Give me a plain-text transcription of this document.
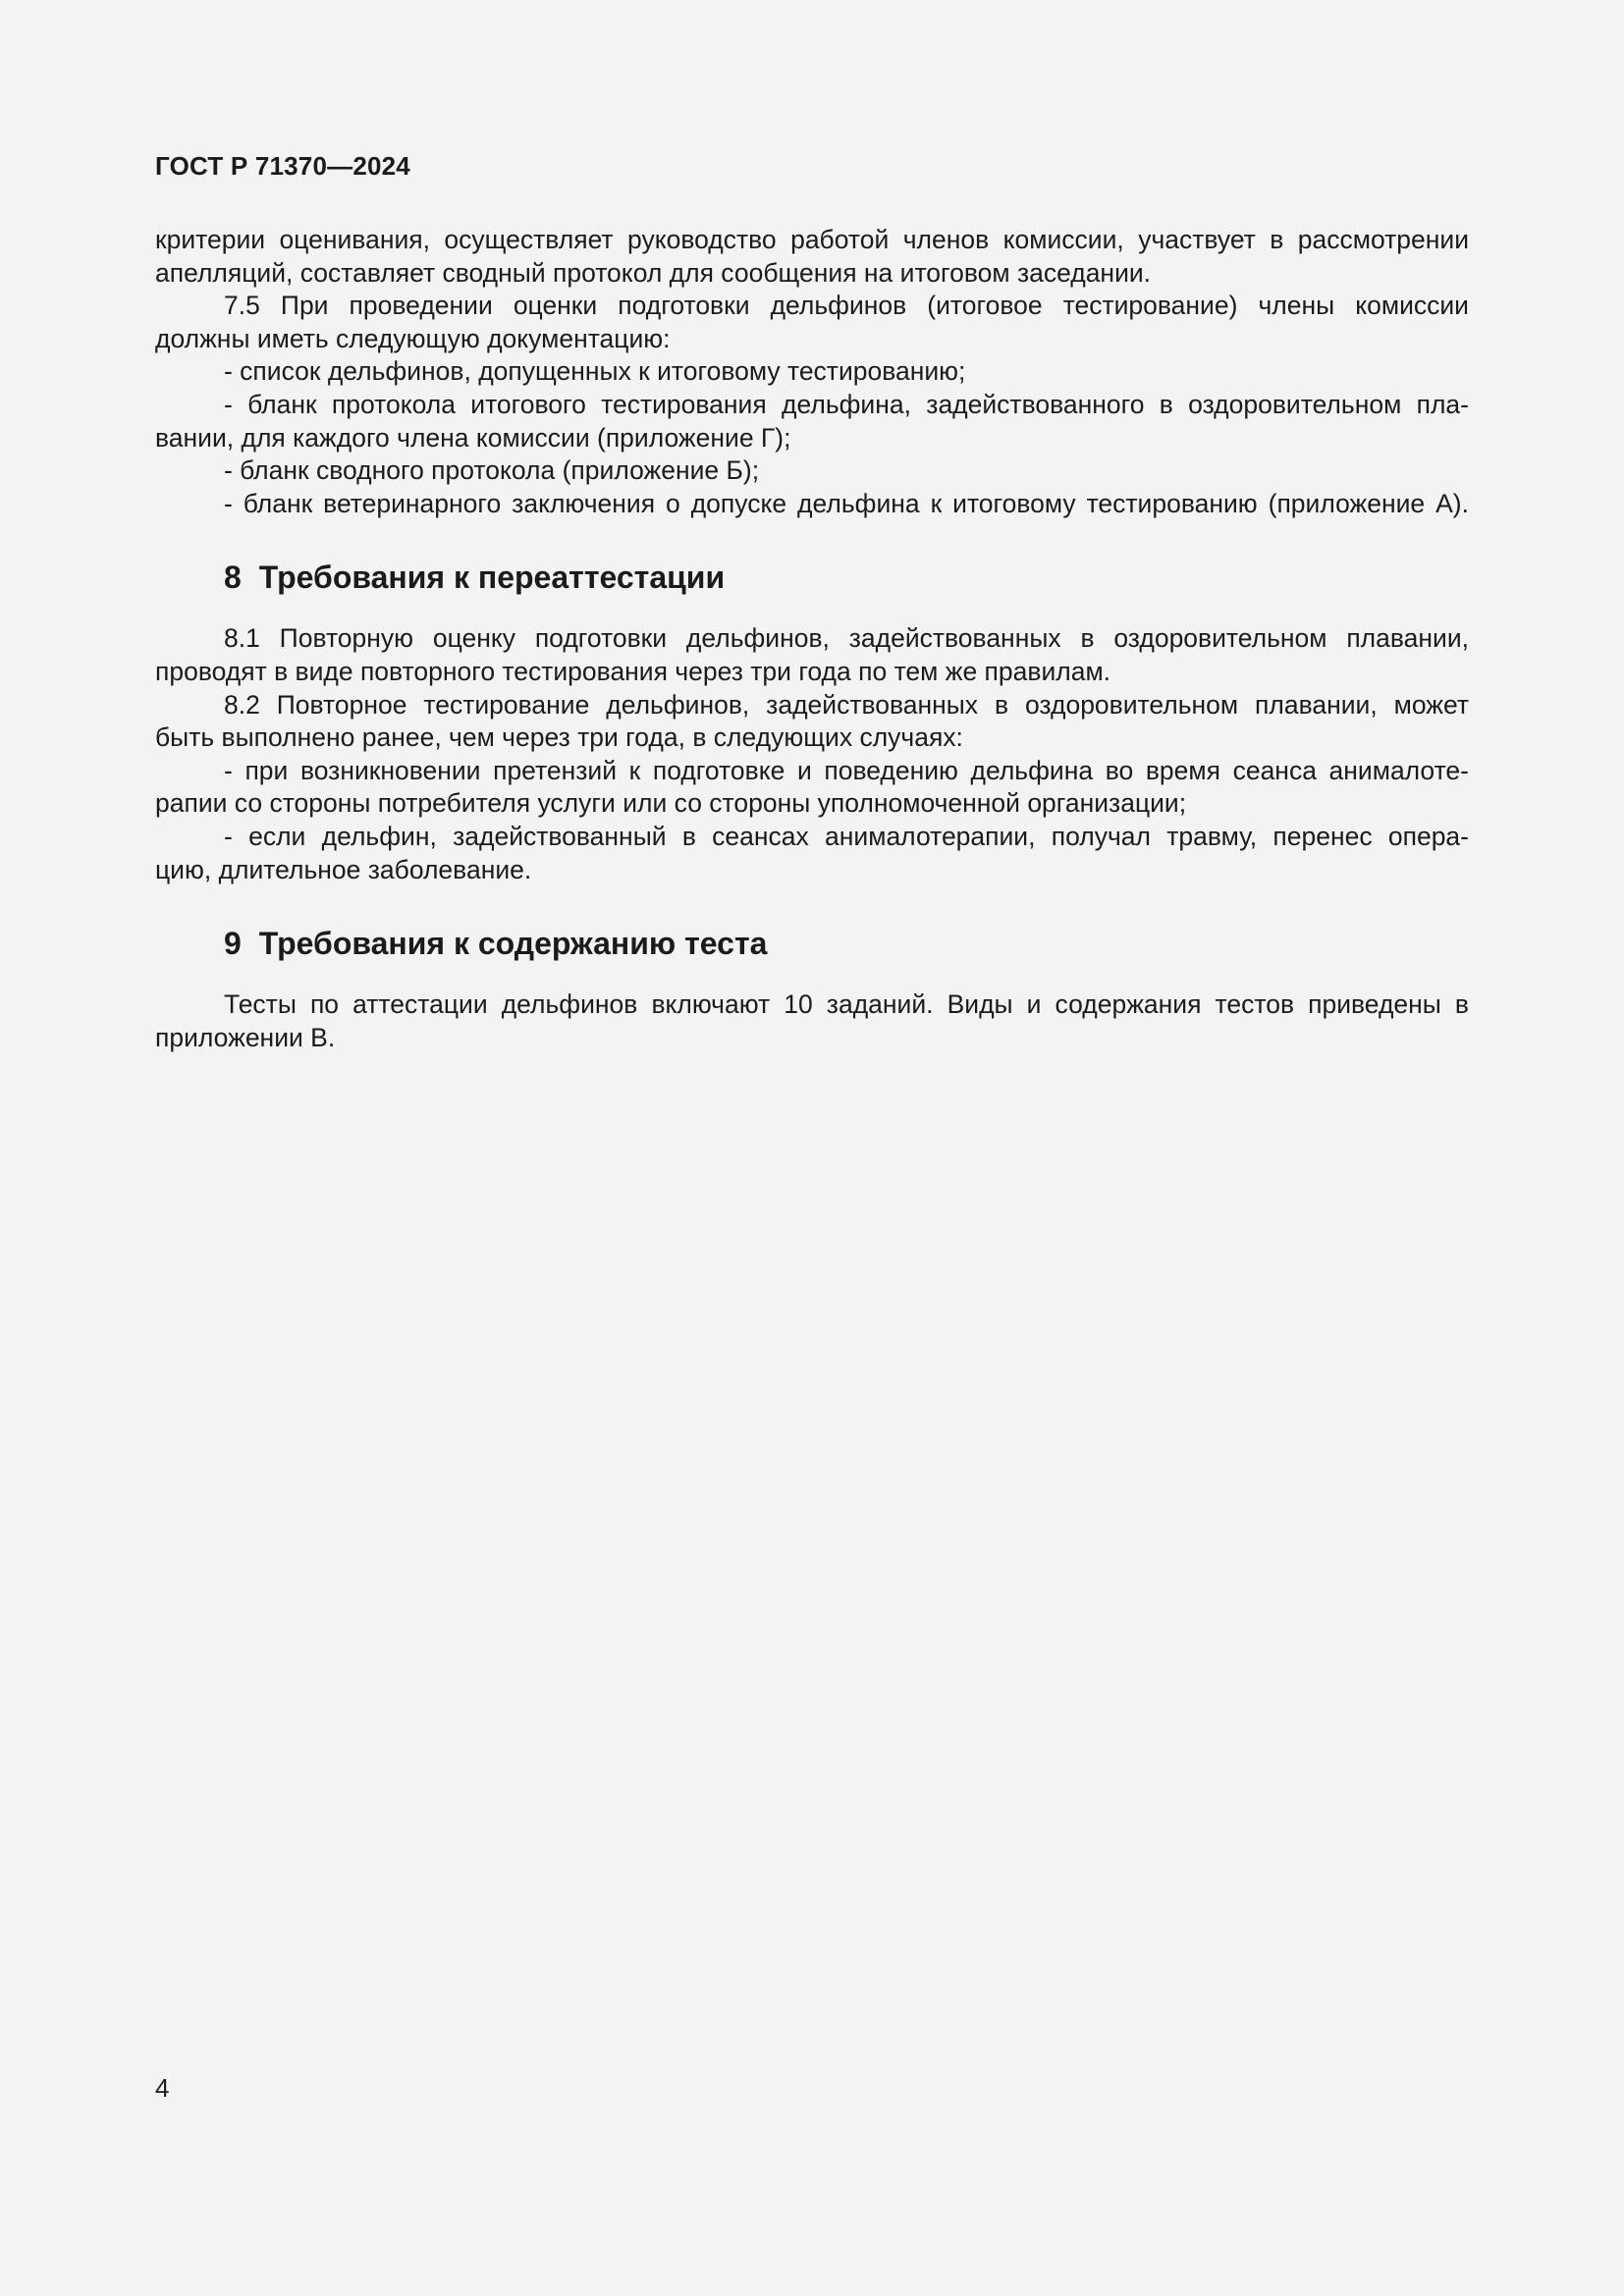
ГОСТ Р 71370—2024

критерии оценивания, осуществляет руководство работой членов комиссии, участвует в рассмотрении

апелляций, составляет сводный протокол для сообщения на итоговом заседании.

7.5 При проведении оценки подготовки дельфинов (итоговое тестирование) члены комиссии

должны иметь следующую документацию:

- список дельфинов, допущенных к итоговому тестированию;

- бланк протокола итогового тестирования дельфина, задействованного в оздоровительном пла-

вании, для каждого члена комиссии (приложение Г);

- бланк сводного протокола (приложение Б);

- бланк ветеринарного заключения о допуске дельфина к итоговому тестированию (приложение А).

8 Требования к переаттестации

8.1 Повторную оценку подготовки дельфинов, задействованных в оздоровительном плавании,

проводят в виде повторного тестирования через три года по тем же правилам.

8.2 Повторное тестирование дельфинов, задействованных в оздоровительном плавании, может

быть выполнено ранее, чем через три года, в следующих случаях:

- при возникновении претензий к подготовке и поведению дельфина во время сеанса анималоте-

рапии со стороны потребителя услуги или со стороны уполномоченной организации;

- если дельфин, задействованный в сеансах анималотерапии, получал травму, перенес опера-

цию, длительное заболевание.

9 Требования к содержанию теста

Тесты по аттестации дельфинов включают 10 заданий. Виды и содержания тестов приведены в

приложении В.

4
